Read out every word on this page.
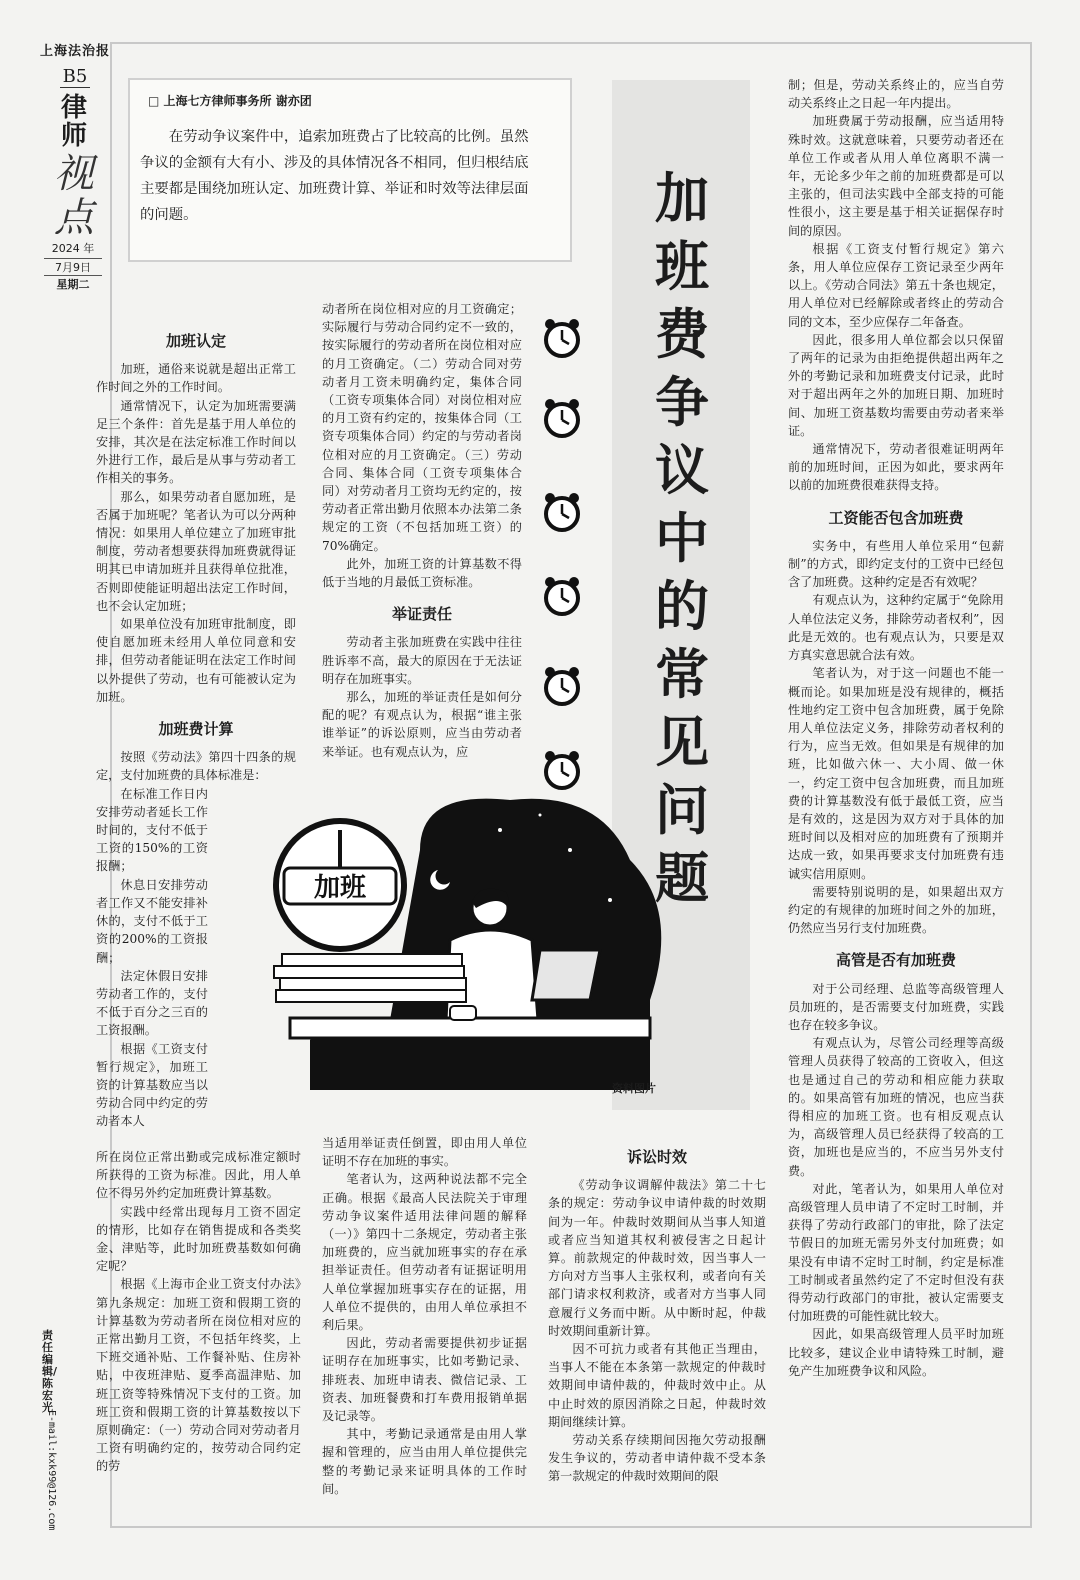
上海法治报
B5
律师
视点
2024 年
7月9日
星期二
责任编辑/陈宏光
E-mail:kxk99@126.com
□ 上海七方律师事务所 谢亦团

在劳动争议案件中，追索加班费占了比较高的比例。虽然争议的金额有大有小、涉及的具体情况各不相同，但归根结底主要都是围绕加班认定、加班费计算、举证和时效等法律层面的问题。	加班费争议中的常见问题
加班
资料图片
加班认定

加班，通俗来说就是超出正常工作时间之外的工作时间。

通常情况下，认定为加班需要满足三个条件：首先是基于用人单位的安排，其次是在法定标准工作时间以外进行工作，最后是从事与劳动者工作相关的事务。

那么，如果劳动者自愿加班，是否属于加班呢？笔者认为可以分两种情况：如果用人单位建立了加班审批制度，劳动者想要获得加班费就得证明其已申请加班并且获得单位批准，否则即使能证明超出法定工作时间，也不会认定加班；

如果单位没有加班审批制度，即使自愿加班未经用人单位同意和安排，但劳动者能证明在法定工作时间以外提供了劳动，也有可能被认定为加班。

加班费计算

按照《劳动法》第四十四条的规定，支付加班费的具体标准是：

在标准工作日内安排劳动者延长工作时间的，支付不低于工资的150%的工资报酬；

休息日安排劳动者工作又不能安排补休的，支付不低于工资的200%的工资报酬；

法定休假日安排劳动者工作的，支付不低于百分之三百的工资报酬。

根据《工资支付暂行规定》，加班工资的计算基数应当以劳动合同中约定的劳动者本人

所在岗位正常出勤或完成标准定额时所获得的工资为标准。因此，用人单位不得另外约定加班费计算基数。

实践中经常出现每月工资不固定的情形，比如存在销售提成和各类奖金、津贴等，此时加班费基数如何确定呢？

根据《上海市企业工资支付办法》第九条规定：加班工资和假期工资的计算基数为劳动者所在岗位相对应的正常出勤月工资，不包括年终奖，上下班交通补贴、工作餐补贴、住房补贴，中夜班津贴、夏季高温津贴、加班工资等特殊情况下支付的工资。加班工资和假期工资的计算基数按以下原则确定：（一）劳动合同对劳动者月工资有明确约定的，按劳动合同约定的劳

动者所在岗位相对应的月工资确定；实际履行与劳动合同约定不一致的，按实际履行的劳动者所在岗位相对应的月工资确定。（二）劳动合同对劳动者月工资未明确约定，集体合同（工资专项集体合同）对岗位相对应的月工资有约定的，按集体合同（工资专项集体合同）约定的与劳动者岗位相对应的月工资确定。（三）劳动合同、集体合同（工资专项集体合同）对劳动者月工资均无约定的，按劳动者正常出勤月依照本办法第二条规定的工资（不包括加班工资）的70%确定。

此外，加班工资的计算基数不得低于当地的月最低工资标准。

举证责任

劳动者主张加班费在实践中往往胜诉率不高，最大的原因在于无法证明存在加班事实。

那么，加班的举证责任是如何分配的呢？有观点认为，根据“谁主张谁举证”的诉讼原则，应当由劳动者来举证。也有观点认为，应

当适用举证责任倒置，即由用人单位证明不存在加班的事实。

笔者认为，这两种说法都不完全正确。根据《最高人民法院关于审理劳动争议案件适用法律问题的解释（一）》第四十二条规定，劳动者主张加班费的，应当就加班事实的存在承担举证责任。但劳动者有证据证明用人单位掌握加班事实存在的证据，用人单位不提供的，由用人单位承担不利后果。

因此，劳动者需要提供初步证据证明存在加班事实，比如考勤记录、排班表、加班申请表、微信记录、工资表、加班餐费和打车费用报销单据及记录等。

其中，考勤记录通常是由用人掌握和管理的，应当由用人单位提供完整的考勤记录来证明具体的工作时间。

诉讼时效

《劳动争议调解仲裁法》第二十七条的规定：劳动争议申请仲裁的时效期间为一年。仲裁时效期间从当事人知道或者应当知道其权利被侵害之日起计算。前款规定的仲裁时效，因当事人一方向对方当事人主张权利，或者向有关部门请求权利救济，或者对方当事人同意履行义务而中断。从中断时起，仲裁时效期间重新计算。

因不可抗力或者有其他正当理由，当事人不能在本条第一款规定的仲裁时效期间申请仲裁的，仲裁时效中止。从中止时效的原因消除之日起，仲裁时效期间继续计算。

劳动关系存续期间因拖欠劳动报酬发生争议的，劳动者申请仲裁不受本条第一款规定的仲裁时效期间的限

制；但是，劳动关系终止的，应当自劳动关系终止之日起一年内提出。

加班费属于劳动报酬，应当适用特殊时效。这就意味着，只要劳动者还在单位工作或者从用人单位离职不满一年，无论多少年之前的加班费都是可以主张的，但司法实践中全部支持的可能性很小，这主要是基于相关证据保存时间的原因。

根据《工资支付暂行规定》第六条，用人单位应保存工资记录至少两年以上。《劳动合同法》第五十条也规定，用人单位对已经解除或者终止的劳动合同的文本，至少应保存二年备查。

因此，很多用人单位都会以只保留了两年的记录为由拒绝提供超出两年之外的考勤记录和加班费支付记录，此时对于超出两年之外的加班日期、加班时间、加班工资基数均需要由劳动者来举证。

通常情况下，劳动者很难证明两年前的加班时间，正因为如此，要求两年以前的加班费很难获得支持。

工资能否包含加班费

实务中，有些用人单位采用“包薪制”的方式，即约定支付的工资中已经包含了加班费。这种约定是否有效呢？

有观点认为，这种约定属于“免除用人单位法定义务，排除劳动者权利”，因此是无效的。也有观点认为，只要是双方真实意思就合法有效。

笔者认为，对于这一问题也不能一概而论。如果加班是没有规律的，概括性地约定工资中包含加班费，属于免除用人单位法定义务，排除劳动者权利的行为，应当无效。但如果是有规律的加班，比如做六休一、大小周、做一休一，约定工资中包含加班费，而且加班费的计算基数没有低于最低工资，应当是有效的，这是因为双方对于具体的加班时间以及相对应的加班费有了预期并达成一致，如果再要求支付加班费有违诚实信用原则。

需要特别说明的是，如果超出双方约定的有规律的加班时间之外的加班，仍然应当另行支付加班费。

高管是否有加班费

对于公司经理、总监等高级管理人员加班的，是否需要支付加班费，实践也存在较多争议。

有观点认为，尽管公司经理等高级管理人员获得了较高的工资收入，但这也是通过自己的劳动和相应能力获取的。如果高管有加班的情况，也应当获得相应的加班工资。也有相反观点认为，高级管理人员已经获得了较高的工资，加班也是应当的，不应当另外支付费。

对此，笔者认为，如果用人单位对高级管理人员申请了不定时工时制，并获得了劳动行政部门的审批，除了法定节假日的加班无需另外支付加班费；如果没有申请不定时工时制，约定是标准工时制或者虽然约定了不定时但没有获得劳动行政部门的审批，被认定需要支付加班费的可能性就比较大。

因此，如果高级管理人员平时加班比较多，建议企业申请特殊工时制，避免产生加班费争议和风险。
